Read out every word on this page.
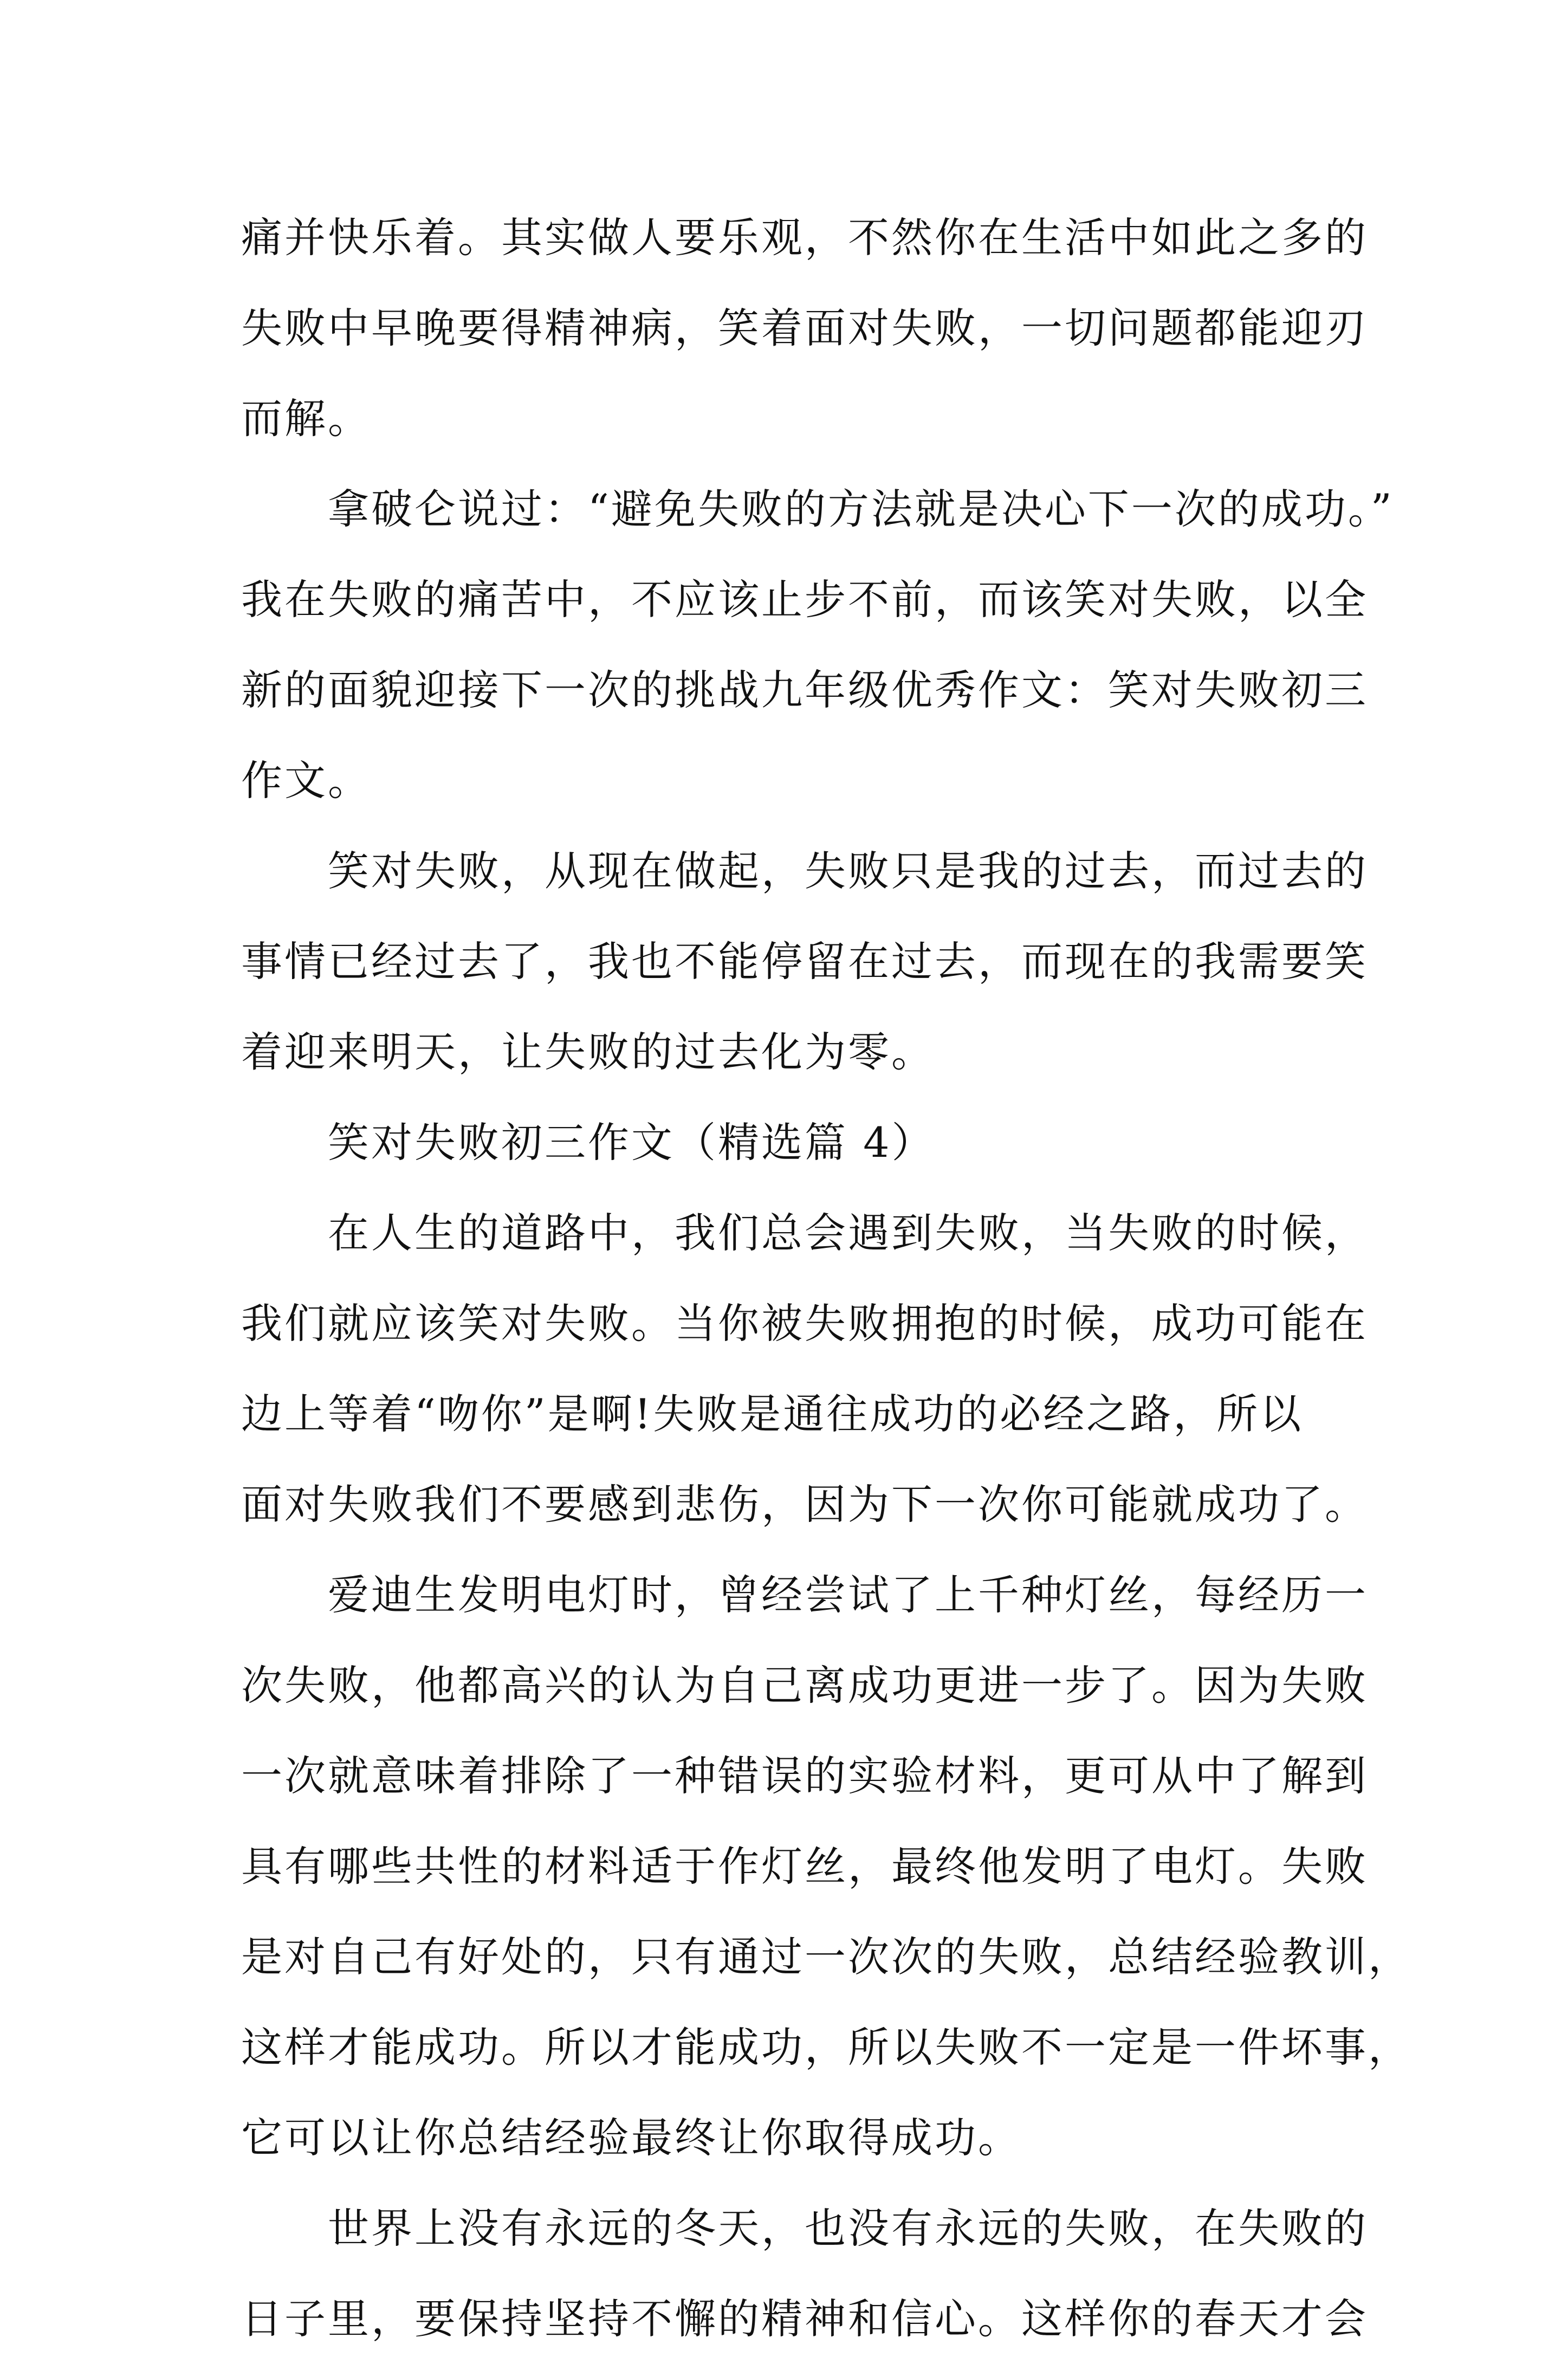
痛并快乐着。其实做人要乐观，不然你在生活中如此之多的
失败中早晚要得精神病，笑着面对失败，一切问题都能迎刃
而解。
拿破仑说过：“避免失败的方法就是决心下一次的成功。”
我在失败的痛苦中，不应该止步不前，而该笑对失败，以全
新的面貌迎接下一次的挑战九年级优秀作文：笑对失败初三
作文。
笑对失败，从现在做起，失败只是我的过去，而过去的
事情已经过去了，我也不能停留在过去，而现在的我需要笑
着迎来明天，让失败的过去化为零。
笑对失败初三作文（精选篇 4）
在人生的道路中，我们总会遇到失败，当失败的时候，
我们就应该笑对失败。当你被失败拥抱的时候，成功可能在
边上等着“吻你”是啊!失败是通往成功的必经之路，所以
面对失败我们不要感到悲伤，因为下一次你可能就成功了。
爱迪生发明电灯时，曾经尝试了上千种灯丝，每经历一
次失败，他都高兴的认为自己离成功更进一步了。因为失败
一次就意味着排除了一种错误的实验材料，更可从中了解到
具有哪些共性的材料适于作灯丝，最终他发明了电灯。失败
是对自己有好处的，只有通过一次次的失败，总结经验教训，
这样才能成功。所以才能成功，所以失败不一定是一件坏事，
它可以让你总结经验最终让你取得成功。
世界上没有永远的冬天，也没有永远的失败，在失败的
日子里，要保持坚持不懈的精神和信心。这样你的春天才会
